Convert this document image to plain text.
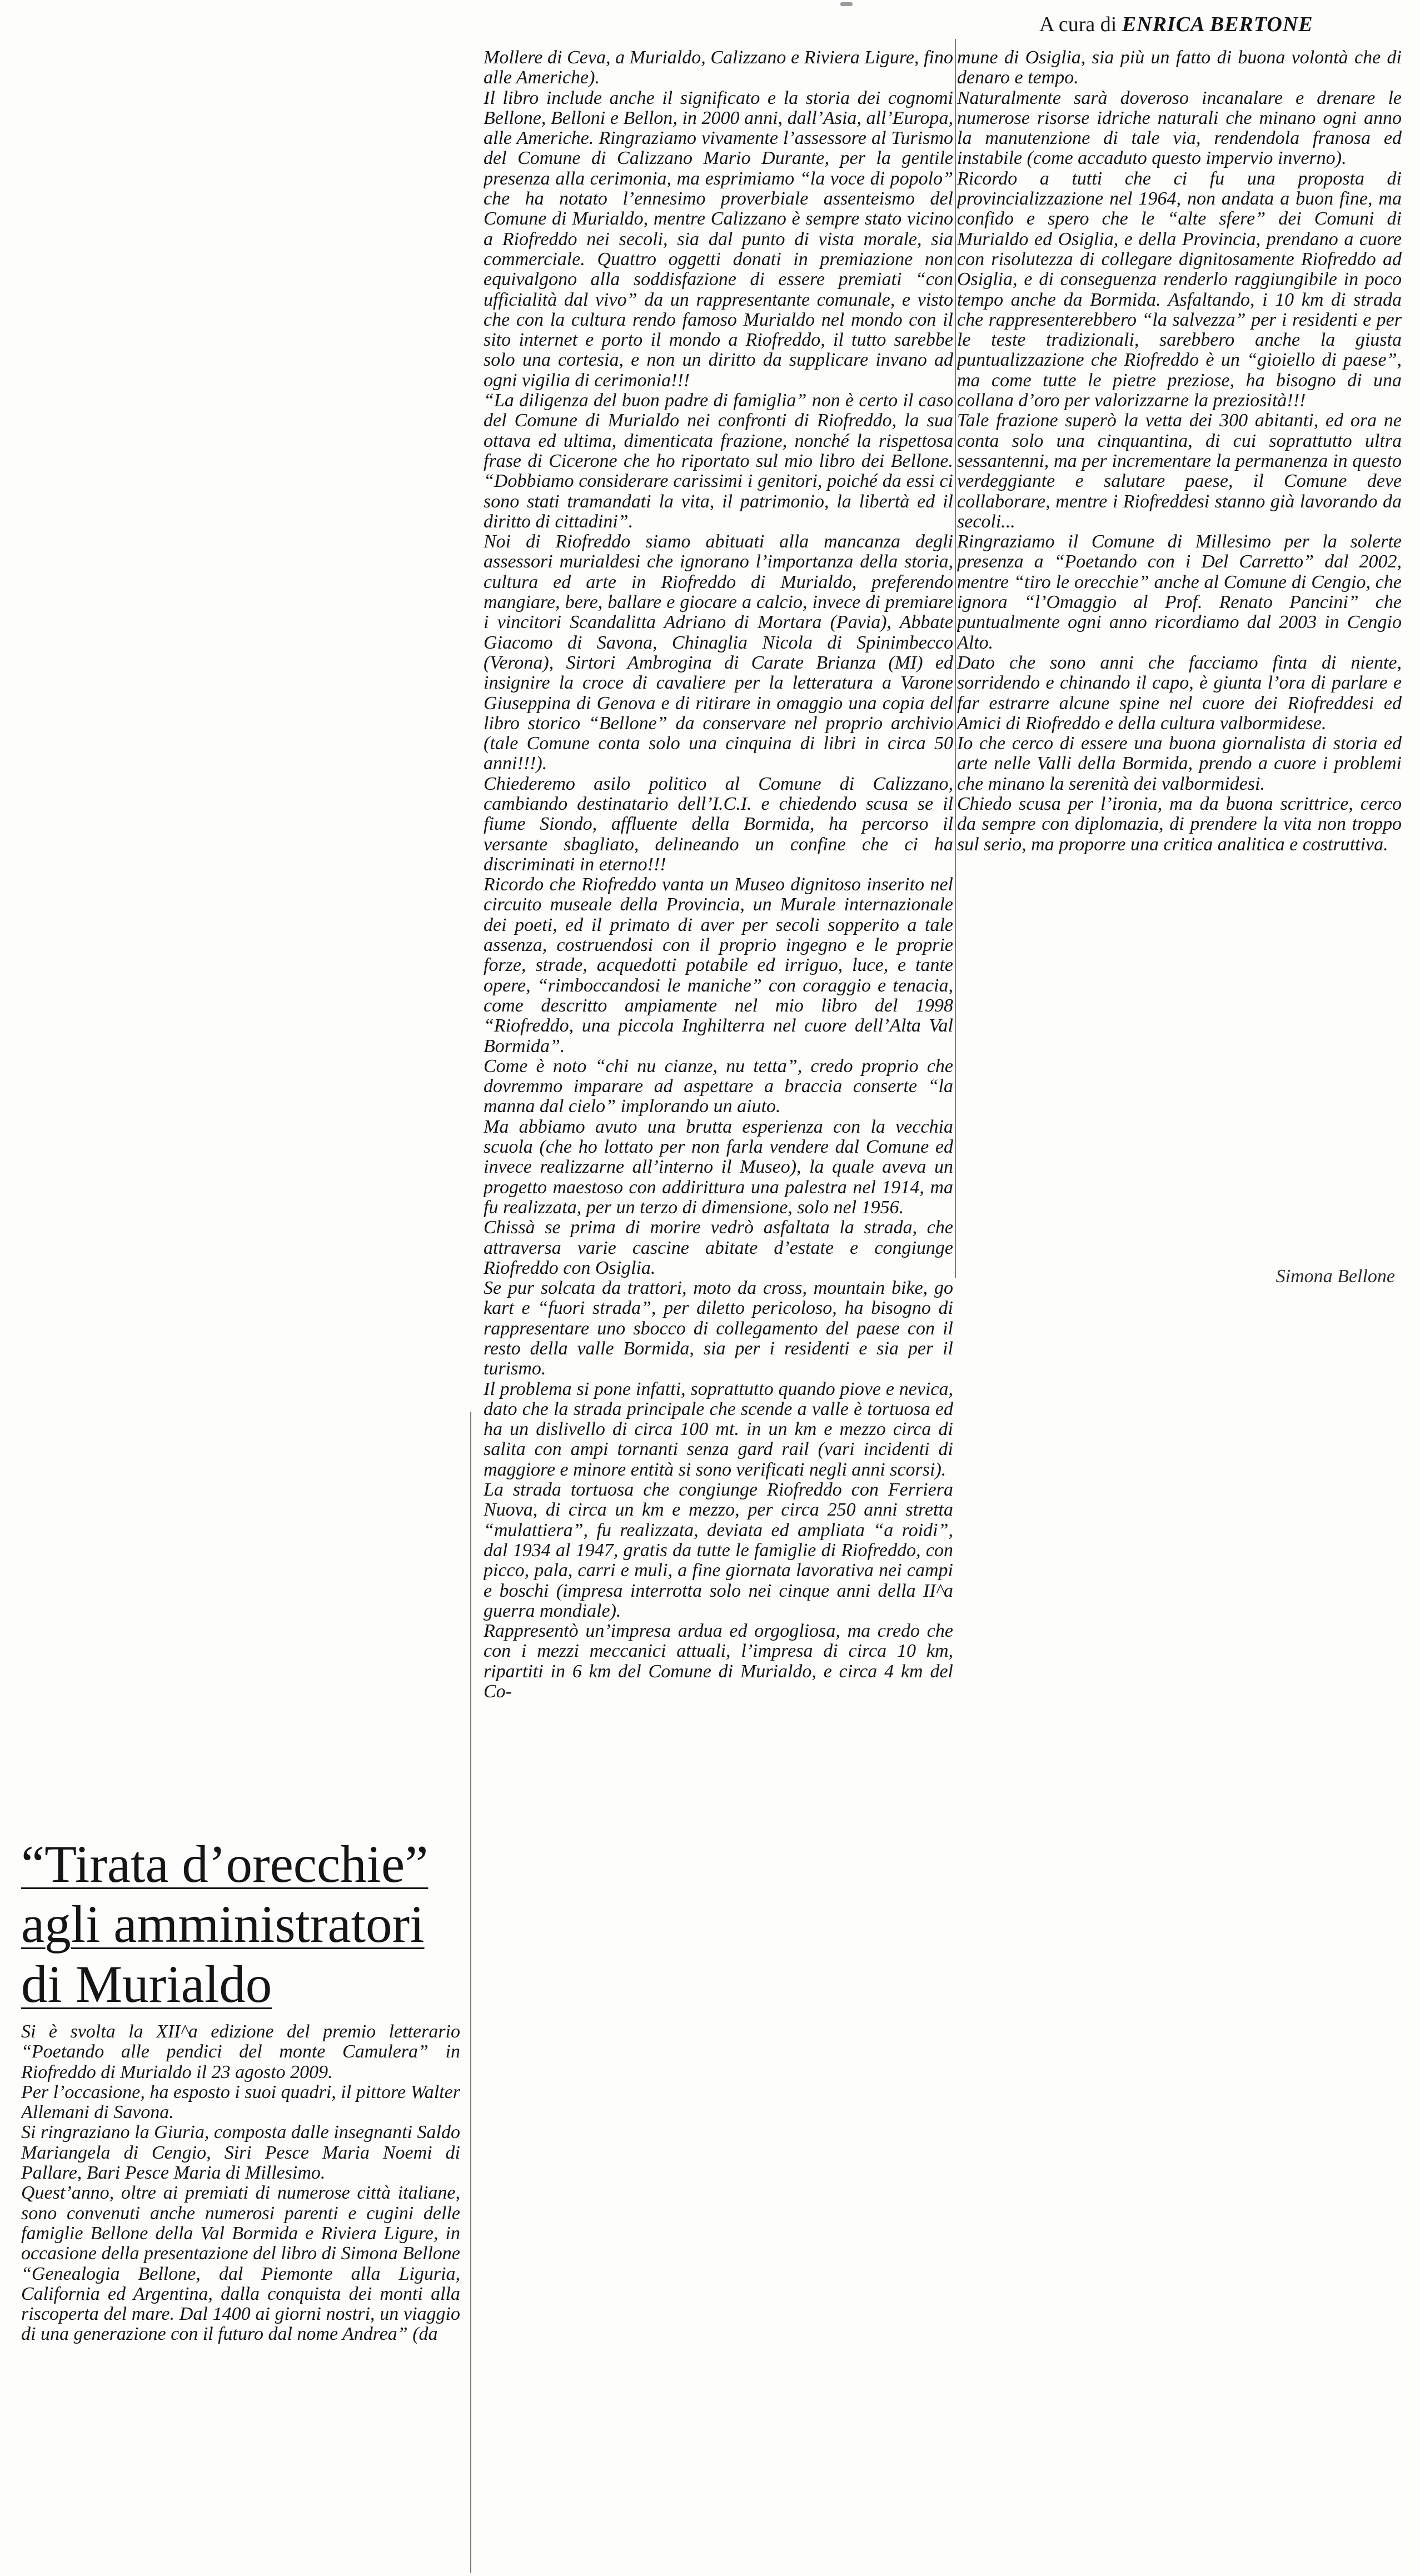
A cura di ENRICA BERTONE
“Tirata d’orecchie”
agli amministratori
di Murialdo

Si è svolta la XII^a edizione del premio letterario “Poetando alle pendici del monte Camulera” in Riofreddo di Murialdo il 23 agosto 2009.

Per l’occasione, ha esposto i suoi quadri, il pittore Walter Allemani di Savona.

Si ringraziano la Giuria, composta dalle insegnanti Saldo Mariangela di Cengio, Siri Pesce Maria Noemi di Pallare, Bari Pesce Maria di Millesimo.

Quest’anno, oltre ai premiati di numerose città italiane, sono convenuti anche numerosi parenti e cugini delle famiglie Bellone della Val Bormida e Riviera Ligure, in occasione della presentazione del libro di Simona Bellone “Genealogia Bellone, dal Piemonte alla Liguria, California ed Argentina, dalla conquista dei monti alla riscoperta del mare. Dal 1400 ai giorni nostri, un viaggio di una generazione con il futuro dal nome Andrea” (da

Mollere di Ceva, a Murialdo, Calizzano e Riviera Ligure, fino alle Americhe).

Il libro include anche il significato e la storia dei cognomi Bellone, Belloni e Bellon, in 2000 anni, dall’Asia, all’Europa, alle Americhe. Ringraziamo vivamente l’assessore al Turismo del Comune di Calizzano Mario Durante, per la gentile presenza alla cerimonia, ma esprimiamo “la voce di popolo” che ha notato l’ennesimo proverbiale assenteismo del Comune di Murialdo, mentre Calizzano è sempre stato vicino a Riofreddo nei secoli, sia dal punto di vista morale, sia commerciale. Quattro oggetti donati in premiazione non equivalgono alla soddisfazione di essere premiati “con ufficialità dal vivo” da un rappresentante comunale, e visto che con la cultura rendo famoso Murialdo nel mondo con il sito internet e porto il mondo a Riofreddo, il tutto sarebbe solo una cortesia, e non un diritto da supplicare invano ad ogni vigilia di cerimonia!!!

“La diligenza del buon padre di famiglia” non è certo il caso del Comune di Murialdo nei confronti di Riofreddo, la sua ottava ed ultima, dimenticata frazione, nonché la rispettosa frase di Cicerone che ho riportato sul mio libro dei Bellone. “Dobbiamo considerare carissimi i genitori, poiché da essi ci sono stati tramandati la vita, il patrimonio, la libertà ed il diritto di cittadini”.

Noi di Riofreddo siamo abituati alla mancanza degli assessori murialdesi che ignorano l’importanza della storia, cultura ed arte in Riofreddo di Murialdo, preferendo mangiare, bere, ballare e giocare a calcio, invece di premiare i vincitori Scandalitta Adriano di Mortara (Pavia), Abbate Giacomo di Savona, Chinaglia Nicola di Spinimbecco (Verona), Sirtori Ambrogina di Carate Brianza (MI) ed insignire la croce di cavaliere per la letteratura a Varone Giuseppina di Genova e di ritirare in omaggio una copia del libro storico “Bellone” da conservare nel proprio archivio (tale Comune conta solo una cinquina di libri in circa 50 anni!!!).

Chiederemo asilo politico al Comune di Calizzano, cambiando destinatario dell’I.C.I. e chiedendo scusa se il fiume Siondo, affluente della Bormida, ha percorso il versante sbagliato, delineando un confine che ci ha discriminati in eterno!!!

Ricordo che Riofreddo vanta un Museo dignitoso inserito nel circuito museale della Provincia, un Murale internazionale dei poeti, ed il primato di aver per secoli sopperito a tale assenza, costruendosi con il proprio ingegno e le proprie forze, strade, acquedotti potabile ed irriguo, luce, e tante opere, “rimboccandosi le maniche” con coraggio e tenacia, come descritto ampiamente nel mio libro del 1998 “Riofreddo, una piccola Inghilterra nel cuore dell’Alta Val Bormida”.

Come è noto “chi nu cianze, nu tetta”, credo proprio che dovremmo imparare ad aspettare a braccia conserte “la manna dal cielo” implorando un aiuto.

Ma abbiamo avuto una brutta esperienza con la vecchia scuola (che ho lottato per non farla vendere dal Comune ed invece realizzarne all’interno il Museo), la quale aveva un progetto maestoso con addirittura una palestra nel 1914, ma fu realizzata, per un terzo di dimensione, solo nel 1956.

Chissà se prima di morire vedrò asfaltata la strada, che attraversa varie cascine abitate d’estate e congiunge Riofreddo con Osiglia.

Se pur solcata da trattori, moto da cross, mountain bike, go kart e “fuori strada”, per diletto pericoloso, ha bisogno di rappresentare uno sbocco di collegamento del paese con il resto della valle Bormida, sia per i residenti e sia per il turismo.

Il problema si pone infatti, soprattutto quando piove e nevica, dato che la strada principale che scende a valle è tortuosa ed ha un dislivello di circa 100 mt. in un km e mezzo circa di salita con ampi tornanti senza gard rail (vari incidenti di maggiore e minore entità si sono verificati negli anni scorsi).

La strada tortuosa che congiunge Riofreddo con Ferriera Nuova, di circa un km e mezzo, per circa 250 anni stretta “mulattiera”, fu realizzata, deviata ed ampliata “a roidi”, dal 1934 al 1947, gratis da tutte le famiglie di Riofreddo, con picco, pala, carri e muli, a fine giornata lavorativa nei campi e boschi (impresa interrotta solo nei cinque anni della II^a guerra mondiale).

Rappresentò un’impresa ardua ed orgogliosa, ma credo che con i mezzi meccanici attuali, l’impresa di circa 10 km, ripartiti in 6 km del Comune di Murialdo, e circa 4 km del Co-

mune di Osiglia, sia più un fatto di buona volontà che di denaro e tempo.

Naturalmente sarà doveroso incanalare e drenare le numerose risorse idriche naturali che minano ogni anno la manutenzione di tale via, rendendola franosa ed instabile (come accaduto questo impervio inverno).

Ricordo a tutti che ci fu una proposta di provincializzazione nel 1964, non andata a buon fine, ma confido e spero che le “alte sfere” dei Comuni di Murialdo ed Osiglia, e della Provincia, prendano a cuore con risolutezza di collegare dignitosamente Riofreddo ad Osiglia, e di conseguenza renderlo raggiungibile in poco tempo anche da Bormida. Asfaltando, i 10 km di strada che rappresenterebbero “la salvezza” per i residenti e per le teste tradizionali, sarebbero anche la giusta puntualizzazione che Riofreddo è un “gioiello di paese”, ma come tutte le pietre preziose, ha bisogno di una collana d’oro per valorizzarne la preziosità!!!

Tale frazione superò la vetta dei 300 abitanti, ed ora ne conta solo una cinquantina, di cui soprattutto ultra sessantenni, ma per incrementare la permanenza in questo verdeggiante e salutare paese, il Comune deve collaborare, mentre i Riofreddesi stanno già lavorando da secoli...

Ringraziamo il Comune di Millesimo per la solerte presenza a “Poetando con i Del Carretto” dal 2002, mentre “tiro le orecchie” anche al Comune di Cengio, che ignora “l’Omaggio al Prof. Renato Pancini” che puntualmente ogni anno ricordiamo dal 2003 in Cengio Alto.

Dato che sono anni che facciamo finta di niente, sorridendo e chinando il capo, è giunta l’ora di parlare e far estrarre alcune spine nel cuore dei Riofreddesi ed Amici di Riofreddo e della cultura valbormidese.

Io che cerco di essere una buona giornalista di storia ed arte nelle Valli della Bormida, prendo a cuore i problemi che minano la serenità dei valbormidesi.

Chiedo scusa per l’ironia, ma da buona scrittrice, cerco da sempre con diplomazia, di prendere la vita non troppo sul serio, ma proporre una critica analitica e costruttiva.

Simona Bellone
